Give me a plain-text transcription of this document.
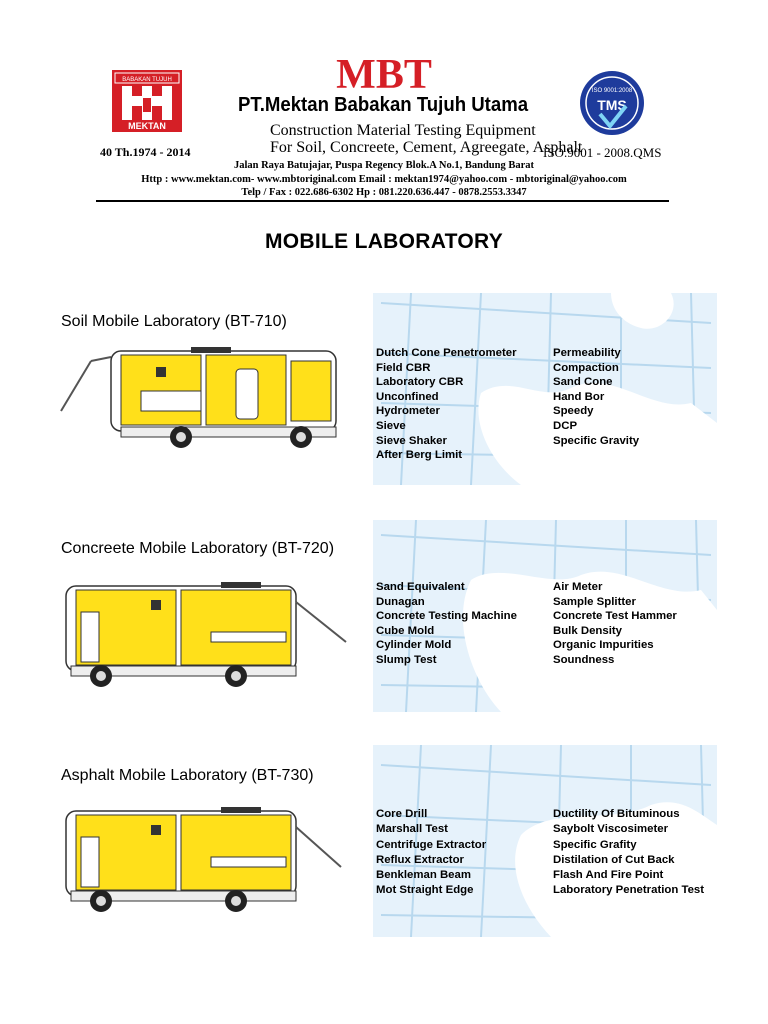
BABAKAN TUJUH
MEKTAN
MBT
PT.Mektan Babakan Tujuh Utama
Construction Material Testing Equipment
For Soil, Concreete, Cement, Agreegate, Asphalt
40 Th.1974 - 2014	ISO.9001 - 2008.QMS
ISO 9001:2008
TMS
Jalan Raya Batujajar, Puspa Regency Blok.A No.1, Bandung Barat
Http : www.mektan.com- www.mbtoriginal.com Email : mektan1974@yahoo.com - mbtoriginal@yahoo.com
Telp / Fax : 022.686-6302 Hp : 081.220.636.447 - 0878.2553.3347
MOBILE LABORATORY
Soil Mobile Laboratory (BT-710)
Dutch Cone Penetrometer
Field CBR
Laboratory CBR
Unconfined
Hydrometer
Sieve
Sieve Shaker
After Berg Limit
Permeability
Compaction
Sand Cone
Hand Bor
Speedy
DCP
Specific Gravity
Concreete Mobile Laboratory (BT-720)
Sand Equivalent
Dunagan
Concrete Testing Machine
Cube Mold
Cylinder Mold
Slump Test
Air Meter
Sample Splitter
Concrete Test Hammer
Bulk Density
Organic Impurities
Soundness
Asphalt Mobile Laboratory (BT-730)
Core Drill
Marshall Test
Centrifuge Extractor
Reflux Extractor
Benkleman Beam
Mot Straight Edge
Ductility Of Bituminous
Saybolt Viscosimeter
Specific Grafity
Distilation of Cut Back
Flash And Fire Point
Laboratory Penetration Test
